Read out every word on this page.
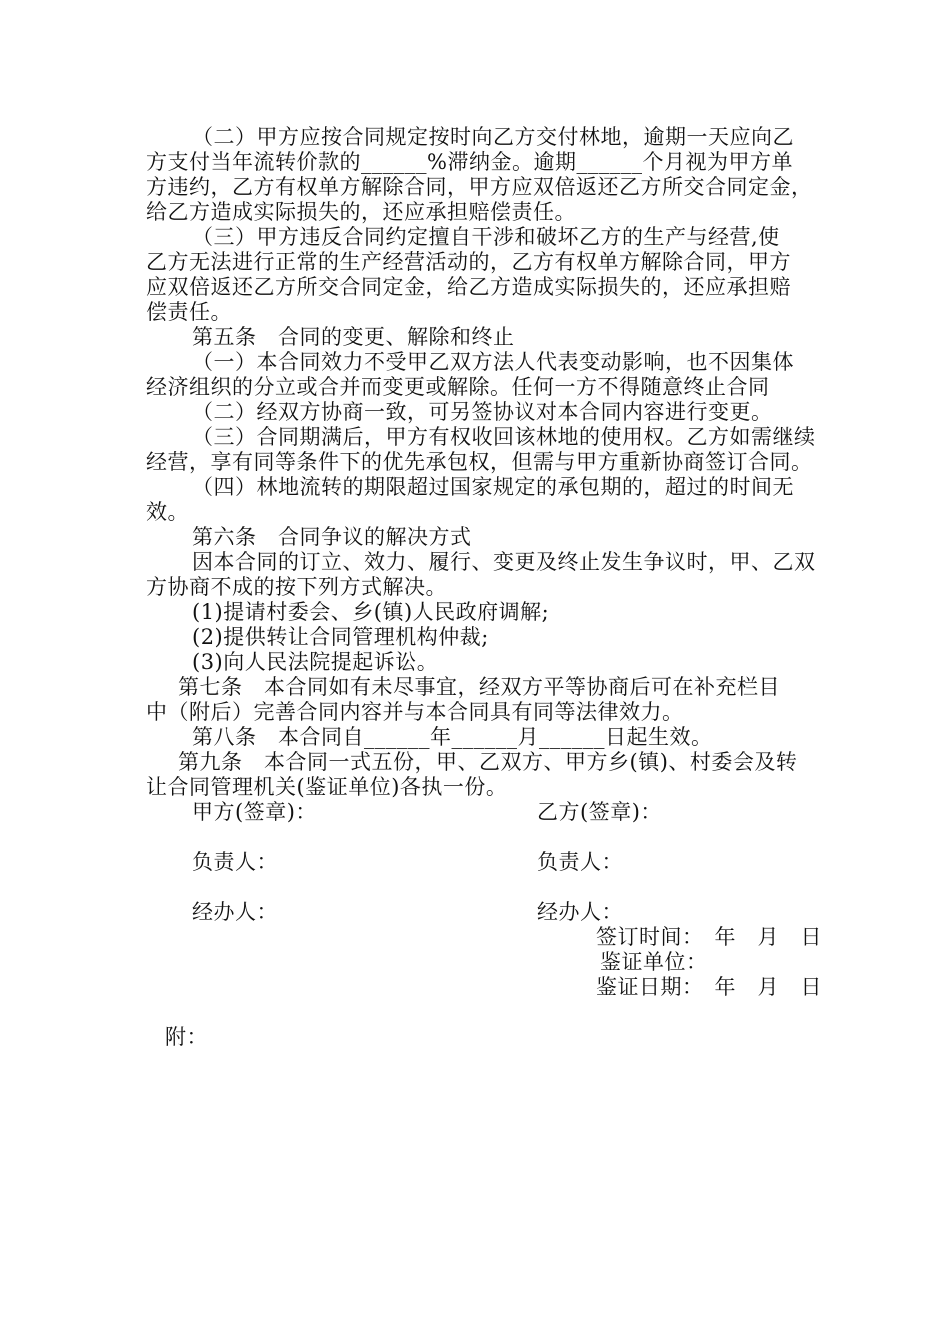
（二）甲方应按合同规定按时向乙方交付林地，逾期一天应向乙
方支付当年流转价款的______%滞纳金。逾期______个月视为甲方单
方违约，乙方有权单方解除合同，甲方应双倍返还乙方所交合同定金，
给乙方造成实际损失的，还应承担赔偿责任。
（三）甲方违反合同约定擅自干涉和破坏乙方的生产与经营,使
乙方无法进行正常的生产经营活动的，乙方有权单方解除合同，甲方
应双倍返还乙方所交合同定金，给乙方造成实际损失的，还应承担赔
偿责任。
第五条　合同的变更、解除和终止
（一）本合同效力不受甲乙双方法人代表变动影响，也不因集体
经济组织的分立或合并而变更或解除。任何一方不得随意终止合同
（二）经双方协商一致，可另签协议对本合同内容进行变更。
（三）合同期满后，甲方有权收回该林地的使用权。乙方如需继续
经营，享有同等条件下的优先承包权，但需与甲方重新协商签订合同。
（四）林地流转的期限超过国家规定的承包期的，超过的时间无
效。
第六条　合同争议的解决方式
因本合同的订立、效力、履行、变更及终止发生争议时，甲、乙双
方协商不成的按下列方式解决。
(1)提请村委会、乡(镇)人民政府调解;
(2)提供转让合同管理机构仲裁;
(3)向人民法院提起诉讼。
第七条　本合同如有未尽事宜，经双方平等协商后可在补充栏目
中（附后）完善合同内容并与本合同具有同等法律效力。
第八条　本合同自______年______月______日起生效。
第九条　本合同一式五份，甲、乙双方、甲方乡(镇)、村委会及转
让合同管理机关(鉴证单位)各执一份。
甲方(签章)：	乙方(签章)：
负责人：	负责人：
经办人：	经办人：
签订时间：　年　月　日
鉴证单位：
鉴证日期：　年　月　日
附：
